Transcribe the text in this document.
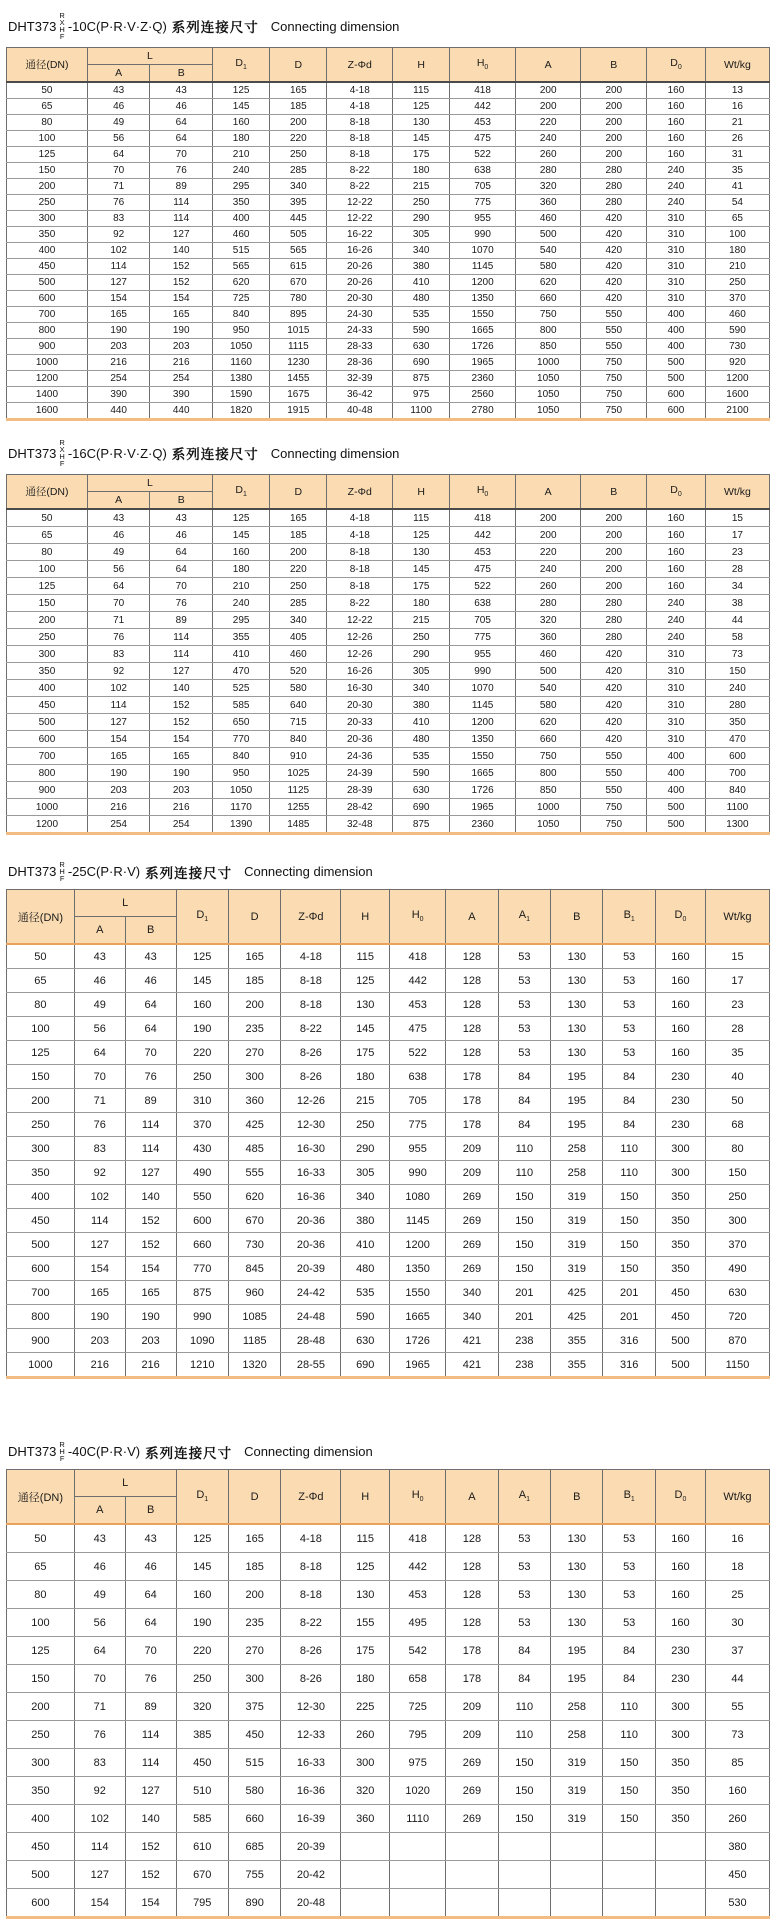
DHT373
R
X
H
F
-10C(P·R·V·Z·Q) 系列连接尺寸 Connecting dimension
通径(DN)	L		$D_1$	D	Z-Φd	H	$H_0$	A	B	$D_0$	Wt/kg
	A	B									
50	43	43	125	165	4-18	115	418	200	200	160	13
65	46	46	145	185	4-18	125	442	200	200	160	16
80	49	64	160	200	8-18	130	453	220	200	160	21
100	56	64	180	220	8-18	145	475	240	200	160	26
125	64	70	210	250	8-18	175	522	260	200	160	31
150	70	76	240	285	8-22	180	638	280	280	240	35
200	71	89	295	340	8-22	215	705	320	280	240	41
250	76	114	350	395	12-22	250	775	360	280	240	54
300	83	114	400	445	12-22	290	955	460	420	310	65
350	92	127	460	505	16-22	305	990	500	420	310	100
400	102	140	515	565	16-26	340	1070	540	420	310	180
450	114	152	565	615	20-26	380	1145	580	420	310	210
500	127	152	620	670	20-26	410	1200	620	420	310	250
600	154	154	725	780	20-30	480	1350	660	420	310	370
700	165	165	840	895	24-30	535	1550	750	550	400	460
800	190	190	950	1015	24-33	590	1665	800	550	400	590
900	203	203	1050	1115	28-33	630	1726	850	550	400	730
1000	216	216	1160	1230	28-36	690	1965	1000	750	500	920
1200	254	254	1380	1455	32-39	875	2360	1050	750	500	1200
1400	390	390	1590	1675	36-42	975	2560	1050	750	600	1600
1600	440	440	1820	1915	40-48	1100	2780	1050	750	600	2100
DHT373
R
X
H
F
-16C(P·R·V·Z·Q) 系列连接尺寸 Connecting dimension
通径(DN)	L		$D_1$	D	Z-Φd	H	$H_0$	A	B	$D_0$	Wt/kg
	A	B									
50	43	43	125	165	4-18	115	418	200	200	160	15
65	46	46	145	185	4-18	125	442	200	200	160	17
80	49	64	160	200	8-18	130	453	220	200	160	23
100	56	64	180	220	8-18	145	475	240	200	160	28
125	64	70	210	250	8-18	175	522	260	200	160	34
150	70	76	240	285	8-22	180	638	280	280	240	38
200	71	89	295	340	12-22	215	705	320	280	240	44
250	76	114	355	405	12-26	250	775	360	280	240	58
300	83	114	410	460	12-26	290	955	460	420	310	73
350	92	127	470	520	16-26	305	990	500	420	310	150
400	102	140	525	580	16-30	340	1070	540	420	310	240
450	114	152	585	640	20-30	380	1145	580	420	310	280
500	127	152	650	715	20-33	410	1200	620	420	310	350
600	154	154	770	840	20-36	480	1350	660	420	310	470
700	165	165	840	910	24-36	535	1550	750	550	400	600
800	190	190	950	1025	24-39	590	1665	800	550	400	700
900	203	203	1050	1125	28-39	630	1726	850	550	400	840
1000	216	216	1170	1255	28-42	690	1965	1000	750	500	1100
1200	254	254	1390	1485	32-48	875	2360	1050	750	500	1300
DHT373 R
H
F -25C(P·R·V) 系列连接尺寸 Connecting dimension
通径(DN)	L		$D_1$	D	Z-Φd	H	$H_0$	A	$A_1$	B	$B_1$	$D_0$	Wt/kg
	A	B											
50	43	43	125	165	4-18	115	418	128	53	130	53	160	15
65	46	46	145	185	8-18	125	442	128	53	130	53	160	17
80	49	64	160	200	8-18	130	453	128	53	130	53	160	23
100	56	64	190	235	8-22	145	475	128	53	130	53	160	28
125	64	70	220	270	8-26	175	522	128	53	130	53	160	35
150	70	76	250	300	8-26	180	638	178	84	195	84	230	40
200	71	89	310	360	12-26	215	705	178	84	195	84	230	50
250	76	114	370	425	12-30	250	775	178	84	195	84	230	68
300	83	114	430	485	16-30	290	955	209	110	258	110	300	80
350	92	127	490	555	16-33	305	990	209	110	258	110	300	150
400	102	140	550	620	16-36	340	1080	269	150	319	150	350	250
450	114	152	600	670	20-36	380	1145	269	150	319	150	350	300
500	127	152	660	730	20-36	410	1200	269	150	319	150	350	370
600	154	154	770	845	20-39	480	1350	269	150	319	150	350	490
700	165	165	875	960	24-42	535	1550	340	201	425	201	450	630
800	190	190	990	1085	24-48	590	1665	340	201	425	201	450	720
900	203	203	1090	1185	28-48	630	1726	421	238	355	316	500	870
1000	216	216	1210	1320	28-55	690	1965	421	238	355	316	500	1150
DHT373 R
H
F -40C(P·R·V) 系列连接尺寸 Connecting dimension
通径(DN)	L		$D_1$	D	Z-Φd	H	$H_0$	A	$A_1$	B	$B_1$	$D_0$	Wt/kg
	A	B											
50	43	43	125	165	4-18	115	418	128	53	130	53	160	16
65	46	46	145	185	8-18	125	442	128	53	130	53	160	18
80	49	64	160	200	8-18	130	453	128	53	130	53	160	25
100	56	64	190	235	8-22	155	495	128	53	130	53	160	30
125	64	70	220	270	8-26	175	542	178	84	195	84	230	37
150	70	76	250	300	8-26	180	658	178	84	195	84	230	44
200	71	89	320	375	12-30	225	725	209	110	258	110	300	55
250	76	114	385	450	12-33	260	795	209	110	258	110	300	73
300	83	114	450	515	16-33	300	975	269	150	319	150	350	85
350	92	127	510	580	16-36	320	1020	269	150	319	150	350	160
400	102	140	585	660	16-39	360	1110	269	150	319	150	350	260
450	114	152	610	685	20-39								380
500	127	152	670	755	20-42								450
600	154	154	795	890	20-48								530
